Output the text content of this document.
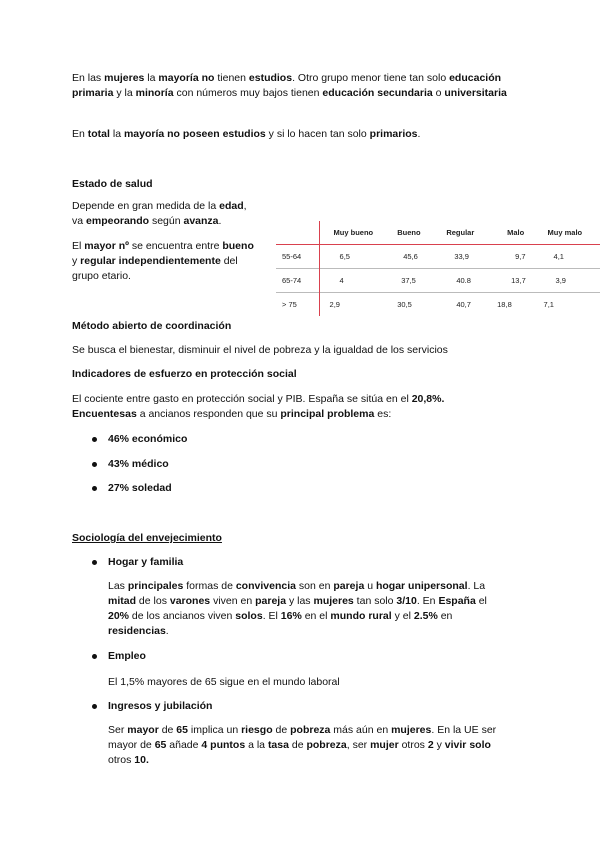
En las mujeres la mayoría no tienen estudios. Otro grupo menor tiene tan solo educación primaria y la minoría con números muy bajos tienen educación secundaria o universitaria

En total la mayoría no poseen estudios y si lo hacen tan solo primarios.

Estado de salud

Depende en gran medida de la edad,
va empeorando según avanza.

El mayor nº se encuentra entre bueno
y regular independientemente del
grupo etario.

	Muy bueno	Bueno	Regular	Malo	Muy malo
55-64	6,5	45,6	33,9	9,7	4,1
65-74	4	37,5	40.8	13,7	3,9
> 75	2,9	30,5	40,7	18,8	7,1

Método abierto de coordinación

Se busca el bienestar, disminuir el nivel de pobreza y la igualdad de los servicios

Indicadores de esfuerzo en protección social

El cociente entre gasto en protección social y PIB. España se sitúa en el 20,8%.
Encuentesas a ancianos responden que su principal problema es:

46% económico
43% médico
27% soledad

Sociología del envejecimiento

Hogar y familia

Las principales formas de convivencia son en pareja u hogar unipersonal. La
mitad de los varones viven en pareja y las mujeres tan solo 3/10. En España el
20% de los ancianos viven solos. El 16% en el mundo rural y el 2.5% en
residencias.

Empleo

El 1,5% mayores de 65 sigue en el mundo laboral

Ingresos y jubilación

Ser mayor de 65 implica un riesgo de pobreza más aún en mujeres. En la UE ser
mayor de 65 añade 4 puntos a la tasa de pobreza, ser mujer otros 2 y vivir solo
otros 10.
